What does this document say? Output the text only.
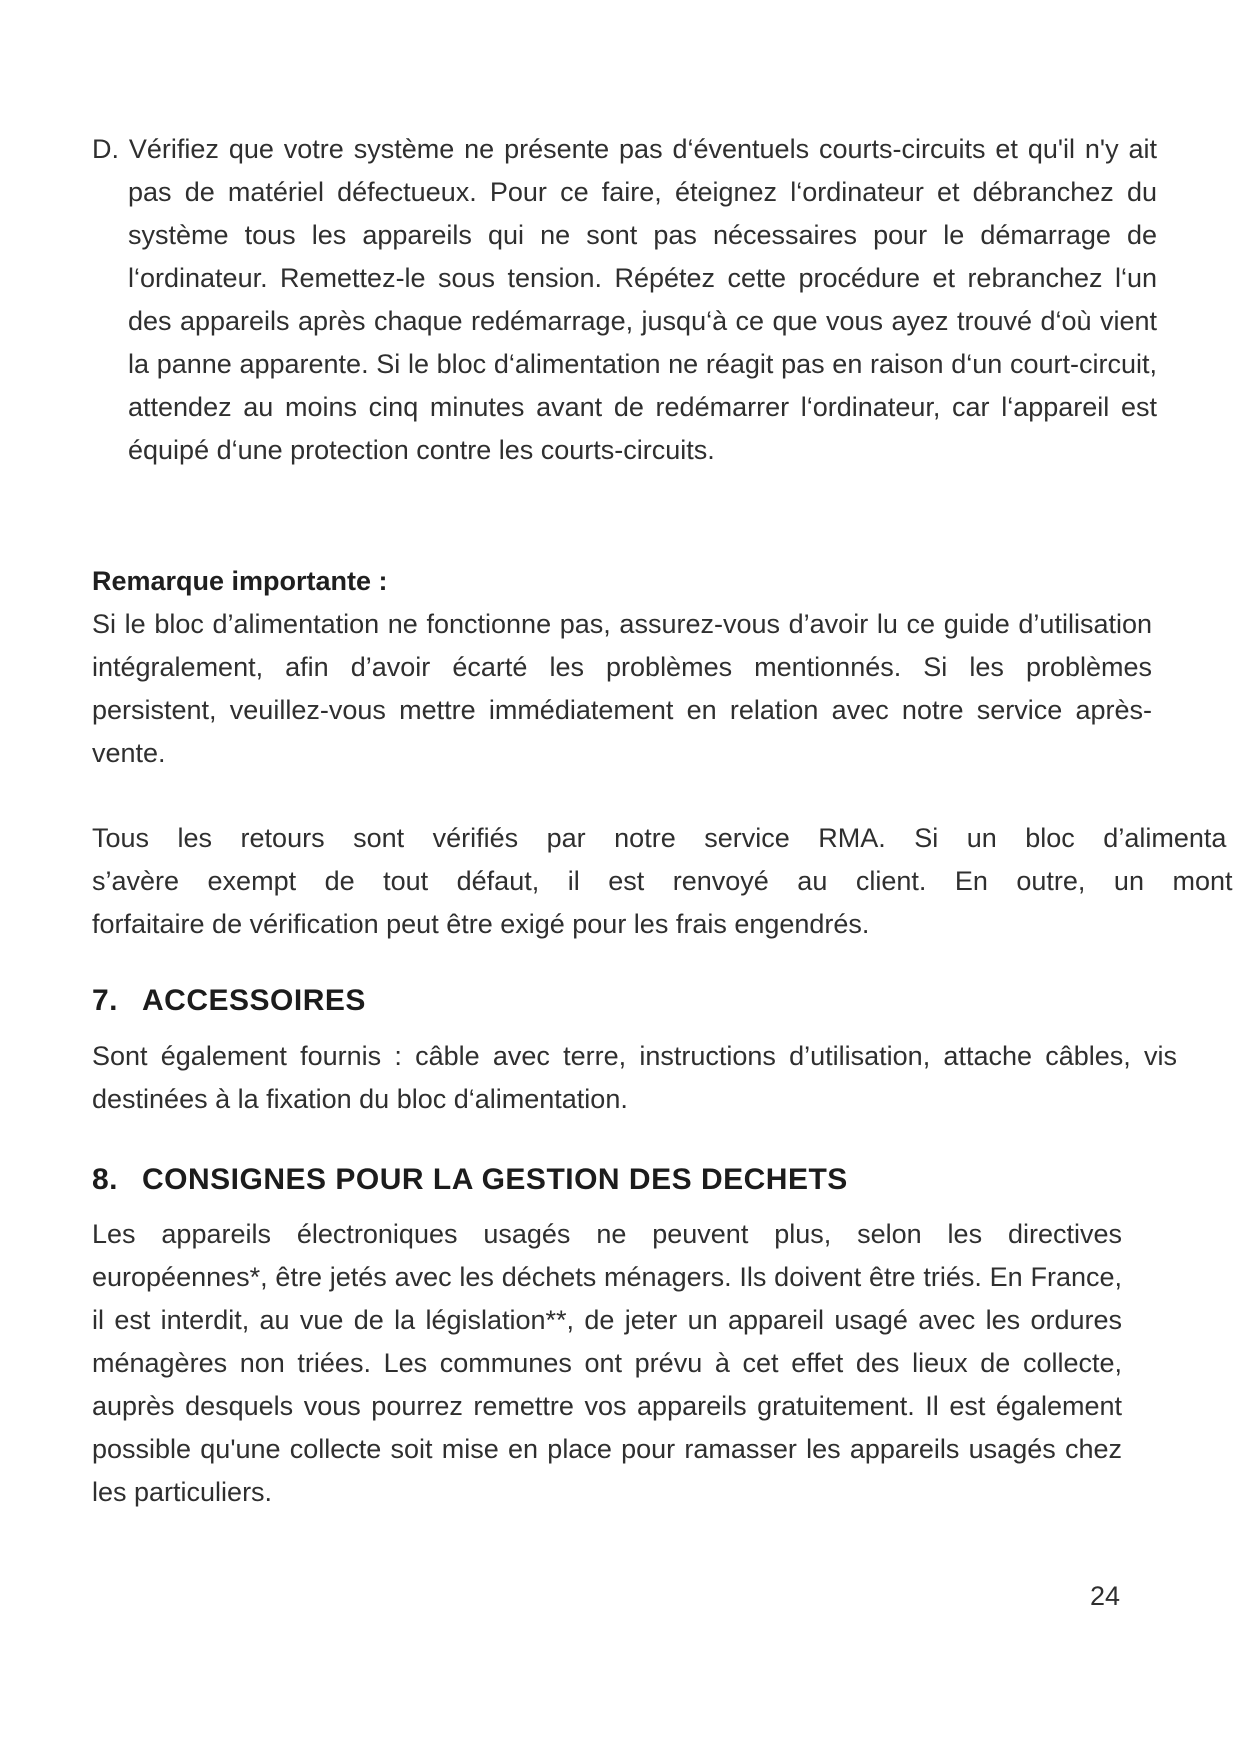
D. Vérifiez que votre système ne présente pas d‘éventuels courts-circuits et qu'il n'y ait pas de matériel défectueux. Pour ce faire, éteignez l‘ordinateur et débranchez du système tous les appareils qui ne sont pas nécessaires pour le démarrage de l‘ordinateur. Remettez-le sous tension. Répétez cette procédure et rebranchez l‘un des appareils après chaque redémarrage, jusqu‘à ce que vous ayez trouvé d‘où vient la panne apparente. Si le bloc d‘alimentation ne réagit pas en raison d‘un court-circuit, attendez au moins cinq minutes avant de redémarrer l‘ordinateur, car l‘appareil est équipé d‘une protection contre les courts-circuits.

Remarque importante :

Si le bloc d’alimentation ne fonctionne pas, assurez-vous d’avoir lu ce guide d’utilisation intégralement, afin d’avoir écarté les problèmes mentionnés. Si les problèmes persistent, veuillez-vous mettre immédiatement en relation avec notre service après-vente.

Tous les retours sont vérifiés par notre service RMA. Si un bloc d’alimenta
s’avère exempt de tout défaut, il est renvoyé au client. En outre, un mont
forfaitaire de vérification peut être exigé pour les frais engendrés.
7. ACCESSOIRES

Sont également fournis : câble avec terre, instructions d’utilisation, attache câbles, vis destinées à la fixation du bloc d‘alimentation.

8. CONSIGNES POUR LA GESTION DES DECHETS

Les appareils électroniques usagés ne peuvent plus, selon les directives européennes*, être jetés avec les déchets ménagers. Ils doivent être triés. En France, il est interdit, au vue de la législation**, de jeter un appareil usagé avec les ordures ménagères non triées. Les communes ont prévu à cet effet des lieux de collecte, auprès desquels vous pourrez remettre vos appareils gratuitement. Il est également possible qu'une collecte soit mise en place pour ramasser les appareils usagés chez les particuliers.

24
